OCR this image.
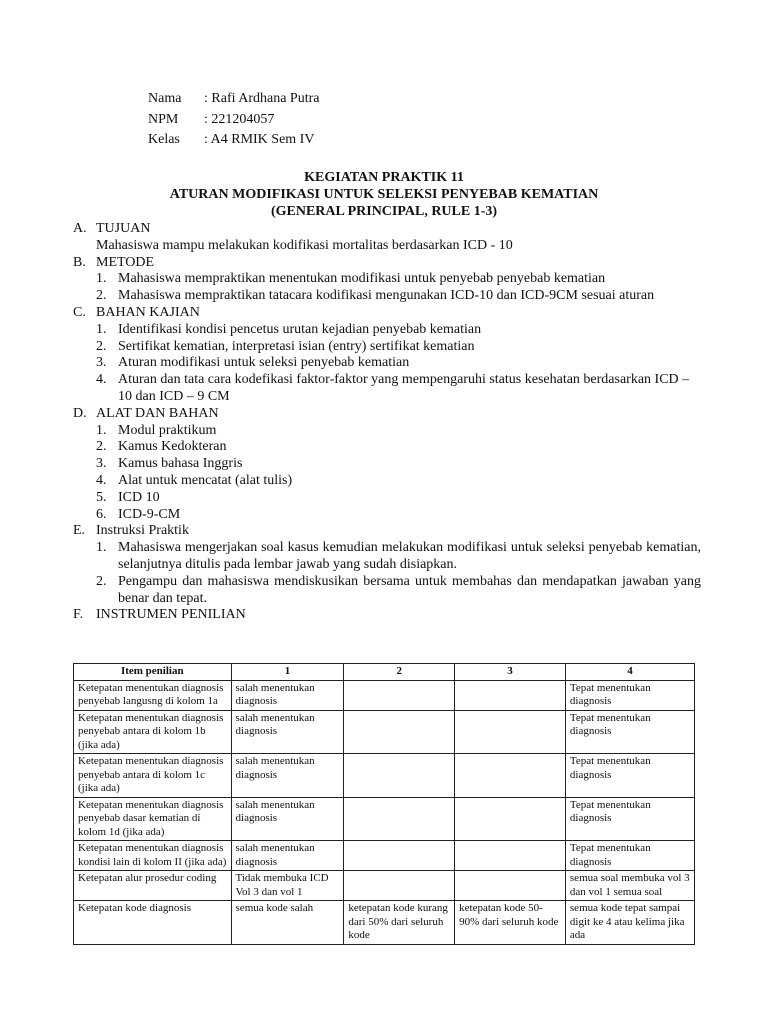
Nama	: Rafi Ardhana Putra
NPM	: 221204057
Kelas	: A4 RMIK Sem IV
KEGIATAN PRAKTIK 11
ATURAN MODIFIKASI UNTUK SELEKSI PENYEBAB KEMATIAN
(GENERAL PRINCIPAL, RULE 1-3)
A. TUJUAN
Mahasiswa mampu melakukan kodifikasi mortalitas berdasarkan ICD - 10
B. METODE
1. Mahasiswa mempraktikan menentukan modifikasi untuk penyebab penyebab kematian
2. Mahasiswa mempraktikan tatacara kodifikasi mengunakan ICD-10 dan ICD-9CM sesuai aturan
C. BAHAN KAJIAN
1. Identifikasi kondisi pencetus urutan kejadian penyebab kematian
2. Sertifikat kematian, interpretasi isian (entry) sertifikat kematian
3. Aturan modifikasi untuk seleksi penyebab kematian
4. Aturan dan tata cara kodefikasi faktor-faktor yang mempengaruhi status kesehatan berdasarkan ICD – 10 dan ICD – 9 CM
D. ALAT DAN BAHAN
1. Modul praktikum
2. Kamus Kedokteran
3. Kamus bahasa Inggris
4. Alat untuk mencatat (alat tulis)
5. ICD 10
6. ICD-9-CM
E. Instruksi Praktik
1. Mahasiswa mengerjakan soal kasus kemudian melakukan modifikasi untuk seleksi penyebab kematian, selanjutnya ditulis pada lembar jawab yang sudah disiapkan.
2. Pengampu dan mahasiswa mendiskusikan bersama untuk membahas dan mendapatkan jawaban yang benar dan tepat.
F. INSTRUMEN PENILIAN
Item penilian	1	2	3	4
Ketepatan menentukan diagnosis penyebab langusng di kolom 1a	salah menentukan diagnosis			Tepat menentukan diagnosis
Ketepatan menentukan diagnosis penyebab antara di kolom 1b (jika ada)	salah menentukan diagnosis			Tepat menentukan diagnosis
Ketepatan menentukan diagnosis penyebab antara di kolom 1c (jika ada)	salah menentukan diagnosis			Tepat menentukan diagnosis
Ketepatan menentukan diagnosis penyebab dasar kematian di kolom 1d (jika ada)	salah menentukan diagnosis			Tepat menentukan diagnosis
Ketepatan menentukan diagnosis kondisi lain di kolom II (jika ada)	salah menentukan diagnosis			Tepat menentukan diagnosis
Ketepatan alur prosedur coding	Tidak membuka ICD Vol 3 dan vol 1			semua soal membuka vol 3 dan vol 1 semua soal
Ketepatan kode diagnosis	semua kode salah	ketepatan kode kurang dari 50% dari seluruh kode	ketepatan kode 50-90% dari seluruh kode	semua kode tepat sampai digit ke 4 atau kelima jika ada
